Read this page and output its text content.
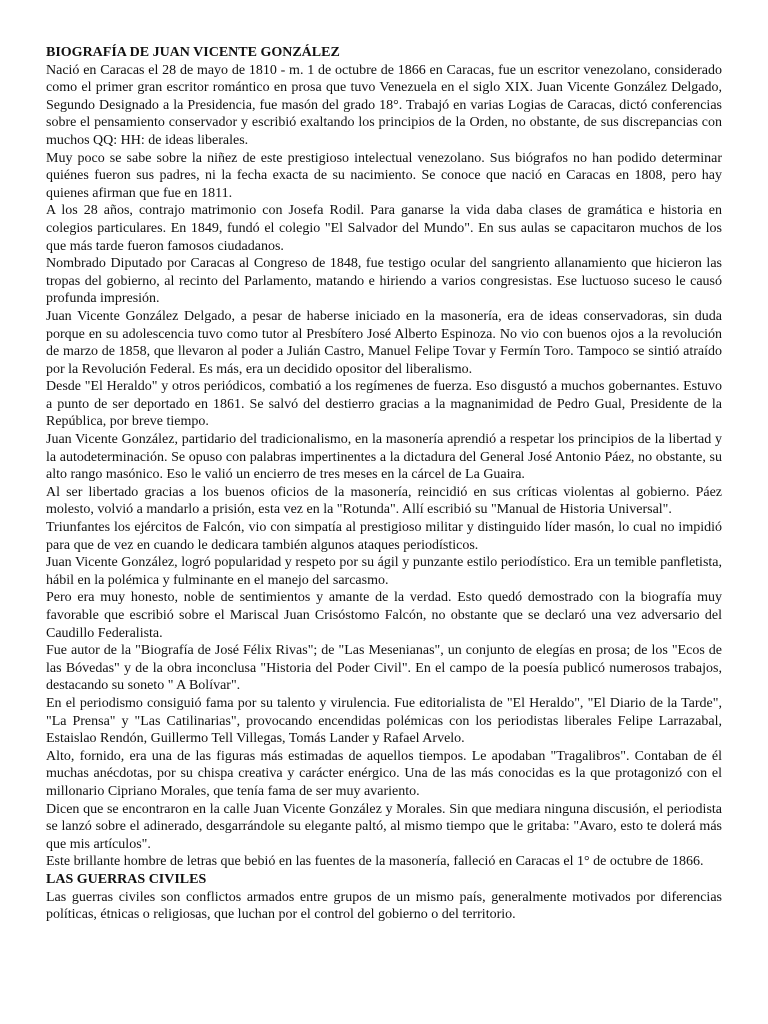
BIOGRAFÍA DE JUAN VICENTE GONZÁLEZ
Nació en Caracas el 28 de mayo de 1810 - m. 1 de octubre de 1866 en Caracas, fue un escritor venezolano, considerado como el primer gran escritor romántico en prosa que tuvo Venezuela en el siglo XIX. Juan Vicente González Delgado, Segundo Designado a la Presidencia, fue masón del grado 18°. Trabajó en varias Logias de Caracas, dictó conferencias sobre el pensamiento conservador y escribió exaltando los principios de la Orden, no obstante, de sus discrepancias con muchos QQ: HH: de ideas liberales.
Muy poco se sabe sobre la niñez de este prestigioso intelectual venezolano. Sus biógrafos no han podido determinar quiénes fueron sus padres, ni la fecha exacta de su nacimiento. Se conoce que nació en Caracas en 1808, pero hay quienes afirman que fue en 1811.
A los 28 años, contrajo matrimonio con Josefa Rodil. Para ganarse la vida daba clases de gramática e historia en colegios particulares. En 1849, fundó el colegio "El Salvador del Mundo". En sus aulas se capacitaron muchos de los que más tarde fueron famosos ciudadanos.
Nombrado Diputado por Caracas al Congreso de 1848, fue testigo ocular del sangriento allanamiento que hicieron las tropas del gobierno, al recinto del Parlamento, matando e hiriendo a varios congresistas. Ese luctuoso suceso le causó profunda impresión.
Juan Vicente González Delgado, a pesar de haberse iniciado en la masonería, era de ideas conservadoras, sin duda porque en su adolescencia tuvo como tutor al Presbítero José Alberto Espinoza. No vio con buenos ojos a la revolución de marzo de 1858, que llevaron al poder a Julián Castro, Manuel Felipe Tovar y Fermín Toro. Tampoco se sintió atraído por la Revolución Federal. Es más, era un decidido opositor del liberalismo.
Desde "El Heraldo" y otros periódicos, combatió a los regímenes de fuerza. Eso disgustó a muchos gobernantes. Estuvo a punto de ser deportado en 1861. Se salvó del destierro gracias a la magnanimidad de Pedro Gual, Presidente de la República, por breve tiempo.
Juan Vicente González, partidario del tradicionalismo, en la masonería aprendió a respetar los principios de la libertad y la autodeterminación. Se opuso con palabras impertinentes a la dictadura del General José Antonio Páez, no obstante, su alto rango masónico. Eso le valió un encierro de tres meses en la cárcel de La Guaira.
Al ser libertado gracias a los buenos oficios de la masonería, reincidió en sus críticas violentas al gobierno. Páez molesto, volvió a mandarlo a prisión, esta vez en la "Rotunda". Allí escribió su "Manual de Historia Universal".
Triunfantes los ejércitos de Falcón, vio con simpatía al prestigioso militar y distinguido líder masón, lo cual no impidió para que de vez en cuando le dedicara también algunos ataques periodísticos.
Juan Vicente González, logró popularidad y respeto por su ágil y punzante estilo periodístico. Era un temible panfletista, hábil en la polémica y fulminante en el manejo del sarcasmo.
Pero era muy honesto, noble de sentimientos y amante de la verdad. Esto quedó demostrado con la biografía muy favorable que escribió sobre el Mariscal Juan Crisóstomo Falcón, no obstante que se declaró una vez adversario del Caudillo Federalista.
Fue autor de la "Biografía de José Félix Rivas"; de "Las Mesenianas", un conjunto de elegías en prosa; de los "Ecos de las Bóvedas" y de la obra inconclusa "Historia del Poder Civil". En el campo de la poesía publicó numerosos trabajos, destacando su soneto " A Bolívar".
En el periodismo consiguió fama por su talento y virulencia. Fue editorialista de "El Heraldo", "El Diario de la Tarde", "La Prensa" y "Las Catilinarias", provocando encendidas polémicas con los periodistas liberales Felipe Larrazabal, Estaislao Rendón, Guillermo Tell Villegas, Tomás Lander y Rafael Arvelo.
Alto, fornido, era una de las figuras más estimadas de aquellos tiempos. Le apodaban "Tragalibros". Contaban de él muchas anécdotas, por su chispa creativa y carácter enérgico. Una de las más conocidas es la que protagonizó con el millonario Cipriano Morales, que tenía fama de ser muy avariento.
Dicen que se encontraron en la calle Juan Vicente González y Morales. Sin que mediara ninguna discusión, el periodista se lanzó sobre el adinerado, desgarrándole su elegante paltó, al mismo tiempo que le gritaba: "Avaro, esto te dolerá más que mis artículos".
Este brillante hombre de letras que bebió en las fuentes de la masonería, falleció en Caracas el 1° de octubre de 1866.
LAS GUERRAS CIVILES
Las guerras civiles son conflictos armados entre grupos de un mismo país, generalmente motivados por diferencias políticas, étnicas o religiosas, que luchan por el control del gobierno o del territorio.
